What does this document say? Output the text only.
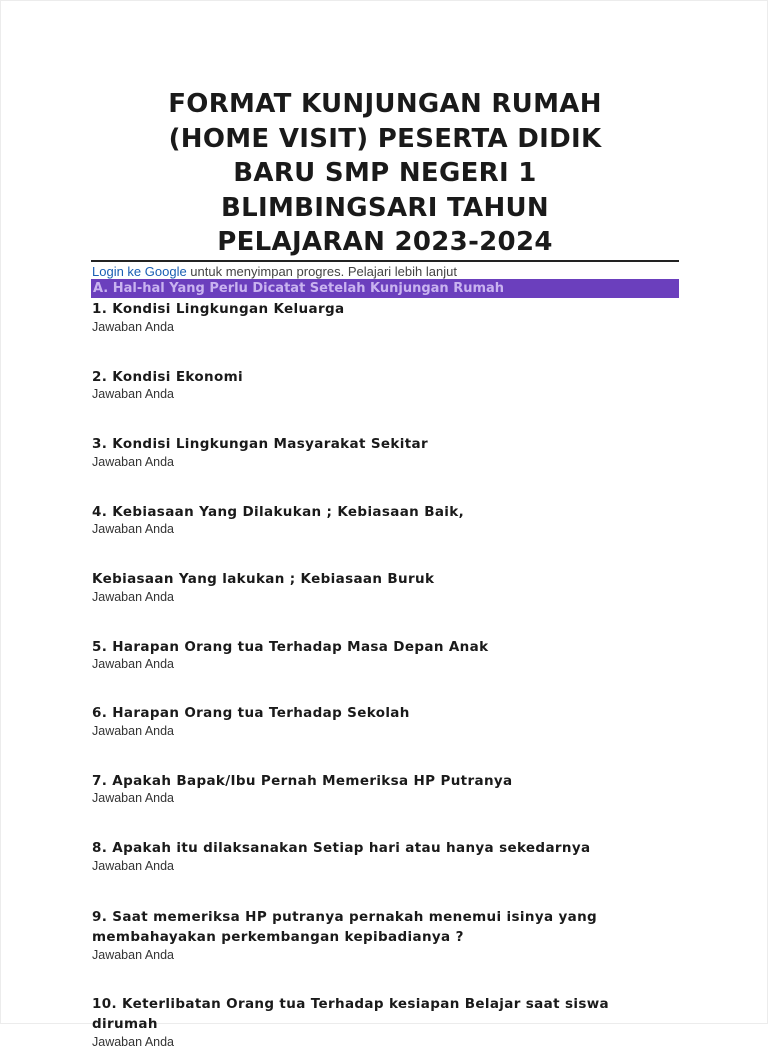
FORMAT KUNJUNGAN RUMAH
(HOME VISIT) PESERTA DIDIK
BARU SMP NEGERI 1
BLIMBINGSARI TAHUN
PELAJARAN 2023-2024
Login ke Google untuk menyimpan progres. Pelajari lebih lanjut
A. Hal-hal Yang Perlu Dicatat Setelah Kunjungan Rumah
1. Kondisi Lingkungan Keluarga
Jawaban Anda
2. Kondisi Ekonomi
Jawaban Anda
3. Kondisi Lingkungan Masyarakat Sekitar
Jawaban Anda
4. Kebiasaan Yang Dilakukan ; Kebiasaan Baik,
Jawaban Anda
Kebiasaan Yang lakukan ; Kebiasaan Buruk
Jawaban Anda
5. Harapan Orang tua Terhadap Masa Depan Anak
Jawaban Anda
6. Harapan Orang tua Terhadap Sekolah
Jawaban Anda
7. Apakah Bapak/Ibu Pernah Memeriksa HP Putranya
Jawaban Anda
8. Apakah itu dilaksanakan Setiap hari atau hanya sekedarnya
Jawaban Anda
9. Saat memeriksa HP putranya pernakah menemui isinya yang
membahayakan perkembangan kepibadianya ?
Jawaban Anda
10. Keterlibatan Orang tua Terhadap kesiapan Belajar saat siswa
dirumah
Jawaban Anda
